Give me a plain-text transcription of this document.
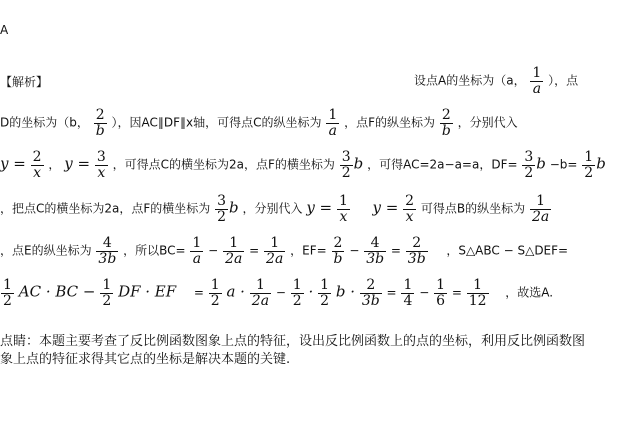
A
【解析】	设点A的坐标为（a， $\frac{1}{a}$ ），点
D的坐标为（b， $\frac{2}{b}$ ），因AC∥DF∥x轴，可得点C的纵坐标为 $\frac{1}{a}$ ，点F的纵坐标为 $\frac{2}{b}$ ，分别代入
$y = \frac{2}{x}$ ， $y = \frac{3}{x}$ ，可得点C的横坐标为2a，点F的横坐标为 $\frac{3}{2}$ b ，可得AC=2a−a=a，$DF= \frac{3}{2}$ $b -b= \frac{1}{2}$ b
，把点C的横坐标为2a，点F的横坐标为 $\frac{3}{2}$ b ，分别代入 $y = \frac{1}{x}$ $y = \frac{2}{x}$ 可得点B的纵坐标为 $\frac{1}{2a}$
，点E的纵坐标为 $\frac{4}{3b}$ ，所以$BC= \frac{1}{a} - \frac{1}{2a} = \frac{1}{2a}$ ，$EF= \frac{2}{b} - \frac{4}{3b} = \frac{2}{3b}$ ，S△ABC − S△DEF=
$\frac{1}{2}$ AC · BC − $\frac{1}{2}$ DF · EF = $\frac{1}{2}$ $a \cdot \frac{1}{2a} - \frac{1}{2} \cdot \frac{1}{2}$ $b \cdot \frac{2}{3b} = \frac{1}{4} - \frac{1}{6} = \frac{1}{12}$ ，故选A.
点睛：本题主要考查了反比例函数图象上点的特征，设出反比例函数上的点的坐标，利用反比例函数图
象上点的特征求得其它点的坐标是解决本题的关键.
